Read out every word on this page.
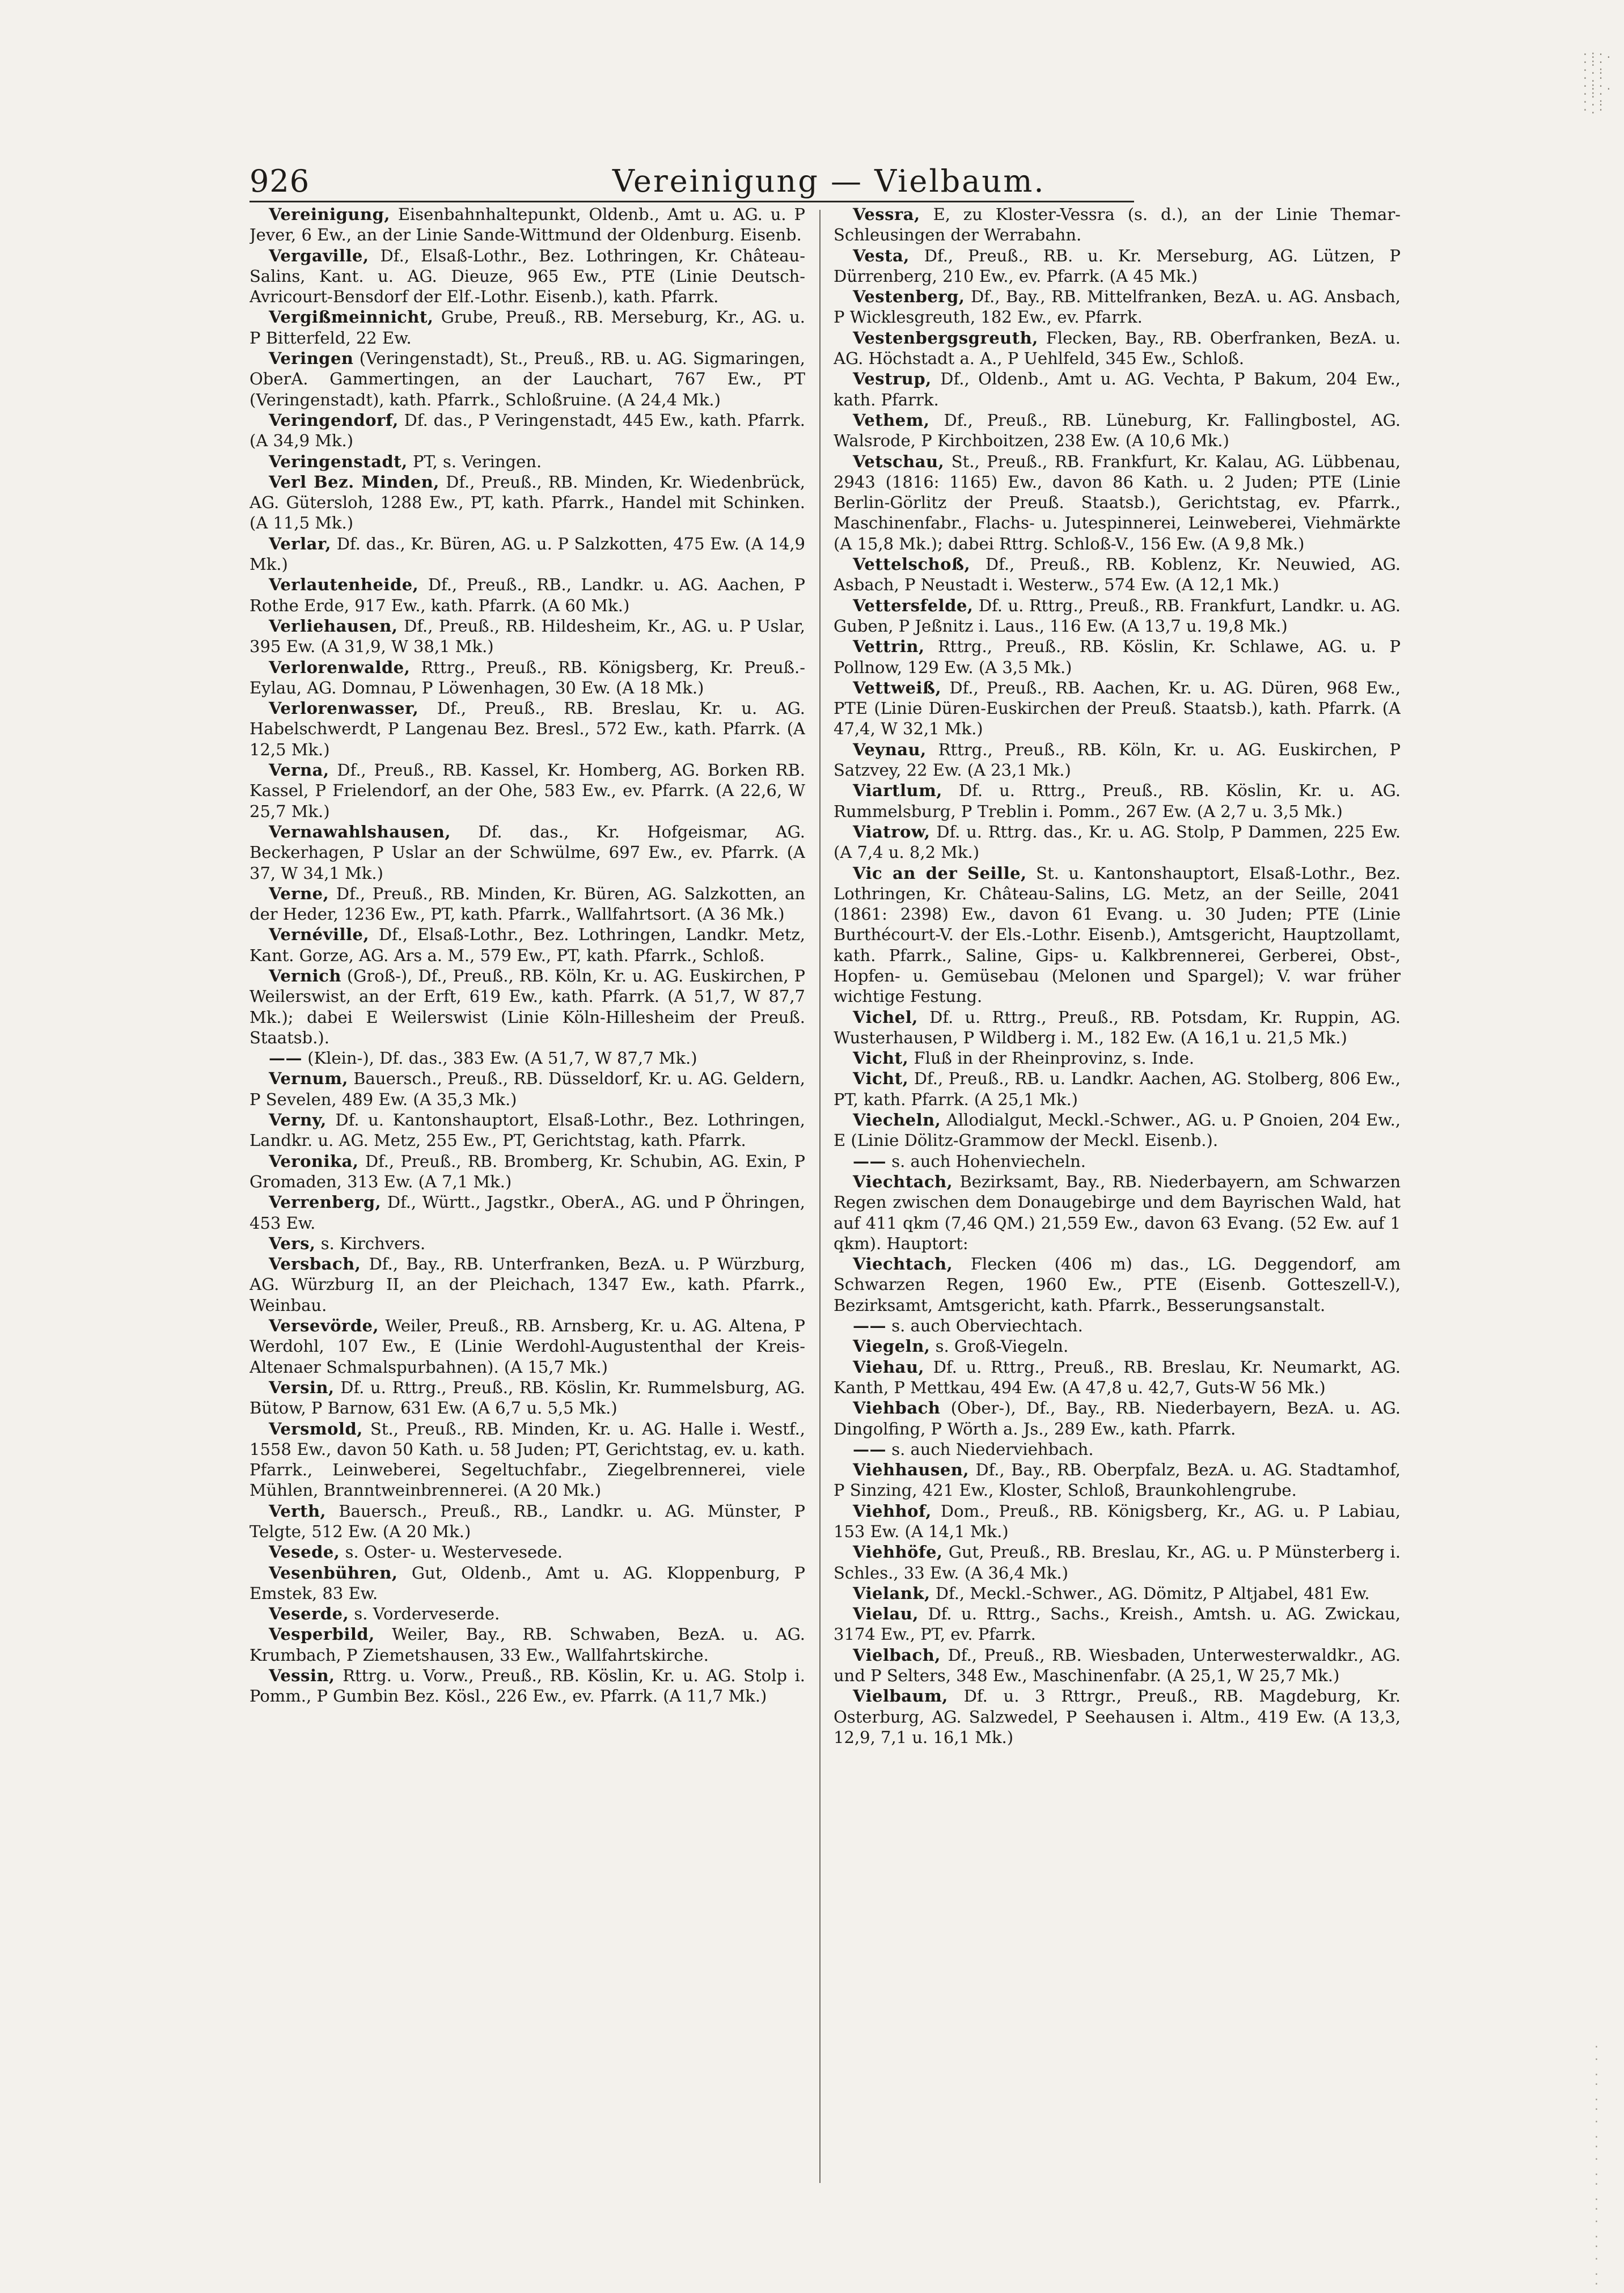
926	Vereinigung — Vielbaum.

Vereinigung, Eisenbahnhaltepunkt, Oldenb., Amt u. AG. u. P Jever, 6 Ew., an der Linie Sande-Wittmund der Oldenburg. Eisenb.

Vergaville, Df., Elsaß-Lothr., Bez. Lothringen, Kr. Château-Salins, Kant. u. AG. Dieuze, 965 Ew., PTE (Linie Deutsch-Avricourt-Bensdorf der Elf.-Lothr. Eisenb.), kath. Pfarrk.

Vergißmeinnicht, Grube, Preuß., RB. Merseburg, Kr., AG. u. P Bitterfeld, 22 Ew.

Veringen (Veringenstadt), St., Preuß., RB. u. AG. Sigmaringen, OberA. Gammertingen, an der Lauchart, 767 Ew., PT (Veringenstadt), kath. Pfarrk., Schloßruine. (A 24,4 Mk.)

Veringendorf, Df. das., P Veringenstadt, 445 Ew., kath. Pfarrk. (A 34,9 Mk.)

Veringenstadt, PT, s. Veringen.

Verl Bez. Minden, Df., Preuß., RB. Minden, Kr. Wiedenbrück, AG. Gütersloh, 1288 Ew., PT, kath. Pfarrk., Handel mit Schinken. (A 11,5 Mk.)

Verlar, Df. das., Kr. Büren, AG. u. P Salzkotten, 475 Ew. (A 14,9 Mk.)

Verlautenheide, Df., Preuß., RB., Landkr. u. AG. Aachen, P Rothe Erde, 917 Ew., kath. Pfarrk. (A 60 Mk.)

Verliehausen, Df., Preuß., RB. Hildesheim, Kr., AG. u. P Uslar, 395 Ew. (A 31,9, W 38,1 Mk.)

Verlorenwalde, Rttrg., Preuß., RB. Königsberg, Kr. Preuß.-Eylau, AG. Domnau, P Löwenhagen, 30 Ew. (A 18 Mk.)

Verlorenwasser, Df., Preuß., RB. Breslau, Kr. u. AG. Habelschwerdt, P Langenau Bez. Bresl., 572 Ew., kath. Pfarrk. (A 12,5 Mk.)

Verna, Df., Preuß., RB. Kassel, Kr. Homberg, AG. Borken RB. Kassel, P Frielendorf, an der Ohe, 583 Ew., ev. Pfarrk. (A 22,6, W 25,7 Mk.)

Vernawahlshausen, Df. das., Kr. Hofgeismar, AG. Beckerhagen, P Uslar an der Schwülme, 697 Ew., ev. Pfarrk. (A 37, W 34,1 Mk.)

Verne, Df., Preuß., RB. Minden, Kr. Büren, AG. Salzkotten, an der Heder, 1236 Ew., PT, kath. Pfarrk., Wallfahrtsort. (A 36 Mk.)

Vernéville, Df., Elsaß-Lothr., Bez. Lothringen, Landkr. Metz, Kant. Gorze, AG. Ars a. M., 579 Ew., PT, kath. Pfarrk., Schloß.

Vernich (Groß-), Df., Preuß., RB. Köln, Kr. u. AG. Euskirchen, P Weilerswist, an der Erft, 619 Ew., kath. Pfarrk. (A 51,7, W 87,7 Mk.); dabei E Weilerswist (Linie Köln-Hillesheim der Preuß. Staatsb.).

—— (Klein-), Df. das., 383 Ew. (A 51,7, W 87,7 Mk.)

Vernum, Bauersch., Preuß., RB. Düsseldorf, Kr. u. AG. Geldern, P Sevelen, 489 Ew. (A 35,3 Mk.)

Verny, Df. u. Kantonshauptort, Elsaß-Lothr., Bez. Lothringen, Landkr. u. AG. Metz, 255 Ew., PT, Gerichtstag, kath. Pfarrk.

Veronika, Df., Preuß., RB. Bromberg, Kr. Schubin, AG. Exin, P Gromaden, 313 Ew. (A 7,1 Mk.)

Verrenberg, Df., Württ., Jagstkr., OberA., AG. und P Öhringen, 453 Ew.

Vers, s. Kirchvers.

Versbach, Df., Bay., RB. Unterfranken, BezA. u. P Würzburg, AG. Würzburg II, an der Pleichach, 1347 Ew., kath. Pfarrk., Weinbau.

Versevörde, Weiler, Preuß., RB. Arnsberg, Kr. u. AG. Altena, P Werdohl, 107 Ew., E (Linie Werdohl-Augustenthal der Kreis-Altenaer Schmalspurbahnen). (A 15,7 Mk.)

Versin, Df. u. Rttrg., Preuß., RB. Köslin, Kr. Rummelsburg, AG. Bütow, P Barnow, 631 Ew. (A 6,7 u. 5,5 Mk.)

Versmold, St., Preuß., RB. Minden, Kr. u. AG. Halle i. Westf., 1558 Ew., davon 50 Kath. u. 58 Juden; PT, Gerichtstag, ev. u. kath. Pfarrk., Leinweberei, Segeltuchfabr., Ziegelbrennerei, viele Mühlen, Branntweinbrennerei. (A 20 Mk.)

Verth, Bauersch., Preuß., RB., Landkr. u. AG. Münster, P Telgte, 512 Ew. (A 20 Mk.)

Vesede, s. Oster- u. Westervesede.

Vesenbühren, Gut, Oldenb., Amt u. AG. Kloppenburg, P Emstek, 83 Ew.

Veserde, s. Vorderveserde.

Vesperbild, Weiler, Bay., RB. Schwaben, BezA. u. AG. Krumbach, P Ziemetshausen, 33 Ew., Wallfahrtskirche.

Vessin, Rttrg. u. Vorw., Preuß., RB. Köslin, Kr. u. AG. Stolp i. Pomm., P Gumbin Bez. Kösl., 226 Ew., ev. Pfarrk. (A 11,7 Mk.)

Vessra, E, zu Kloster-Vessra (s. d.), an der Linie Themar-Schleusingen der Werrabahn.

Vesta, Df., Preuß., RB. u. Kr. Merseburg, AG. Lützen, P Dürrenberg, 210 Ew., ev. Pfarrk. (A 45 Mk.)

Vestenberg, Df., Bay., RB. Mittelfranken, BezA. u. AG. Ansbach, P Wicklesgreuth, 182 Ew., ev. Pfarrk.

Vestenbergsgreuth, Flecken, Bay., RB. Oberfranken, BezA. u. AG. Höchstadt a. A., P Uehlfeld, 345 Ew., Schloß.

Vestrup, Df., Oldenb., Amt u. AG. Vechta, P Bakum, 204 Ew., kath. Pfarrk.

Vethem, Df., Preuß., RB. Lüneburg, Kr. Fallingbostel, AG. Walsrode, P Kirchboitzen, 238 Ew. (A 10,6 Mk.)

Vetschau, St., Preuß., RB. Frankfurt, Kr. Kalau, AG. Lübbenau, 2943 (1816: 1165) Ew., davon 86 Kath. u. 2 Juden; PTE (Linie Berlin-Görlitz der Preuß. Staatsb.), Gerichtstag, ev. Pfarrk., Maschinenfabr., Flachs- u. Jutespinnerei, Leinweberei, Viehmärkte (A 15,8 Mk.); dabei Rttrg. Schloß-V., 156 Ew. (A 9,8 Mk.)

Vettelschoß, Df., Preuß., RB. Koblenz, Kr. Neuwied, AG. Asbach, P Neustadt i. Westerw., 574 Ew. (A 12,1 Mk.)

Vettersfelde, Df. u. Rttrg., Preuß., RB. Frankfurt, Landkr. u. AG. Guben, P Jeßnitz i. Laus., 116 Ew. (A 13,7 u. 19,8 Mk.)

Vettrin, Rttrg., Preuß., RB. Köslin, Kr. Schlawe, AG. u. P Pollnow, 129 Ew. (A 3,5 Mk.)

Vettweiß, Df., Preuß., RB. Aachen, Kr. u. AG. Düren, 968 Ew., PTE (Linie Düren-Euskirchen der Preuß. Staatsb.), kath. Pfarrk. (A 47,4, W 32,1 Mk.)

Veynau, Rttrg., Preuß., RB. Köln, Kr. u. AG. Euskirchen, P Satzvey, 22 Ew. (A 23,1 Mk.)

Viartlum, Df. u. Rttrg., Preuß., RB. Köslin, Kr. u. AG. Rummelsburg, P Treblin i. Pomm., 267 Ew. (A 2,7 u. 3,5 Mk.)

Viatrow, Df. u. Rttrg. das., Kr. u. AG. Stolp, P Dammen, 225 Ew. (A 7,4 u. 8,2 Mk.)

Vic an der Seille, St. u. Kantonshauptort, Elsaß-Lothr., Bez. Lothringen, Kr. Château-Salins, LG. Metz, an der Seille, 2041 (1861: 2398) Ew., davon 61 Evang. u. 30 Juden; PTE (Linie Burthécourt-V. der Els.-Lothr. Eisenb.), Amtsgericht, Hauptzollamt, kath. Pfarrk., Saline, Gips- u. Kalkbrennerei, Gerberei, Obst-, Hopfen- u. Gemüsebau (Melonen und Spargel); V. war früher wichtige Festung.

Vichel, Df. u. Rttrg., Preuß., RB. Potsdam, Kr. Ruppin, AG. Wusterhausen, P Wildberg i. M., 182 Ew. (A 16,1 u. 21,5 Mk.)

Vicht, Fluß in der Rheinprovinz, s. Inde.

Vicht, Df., Preuß., RB. u. Landkr. Aachen, AG. Stolberg, 806 Ew., PT, kath. Pfarrk. (A 25,1 Mk.)

Viecheln, Allodialgut, Meckl.-Schwer., AG. u. P Gnoien, 204 Ew., E (Linie Dölitz-Grammow der Meckl. Eisenb.).

—— s. auch Hohenviecheln.

Viechtach, Bezirksamt, Bay., RB. Niederbayern, am Schwarzen Regen zwischen dem Donaugebirge und dem Bayrischen Wald, hat auf 411 qkm (7,46 QM.) 21,559 Ew., davon 63 Evang. (52 Ew. auf 1 qkm). Hauptort:

Viechtach, Flecken (406 m) das., LG. Deggendorf, am Schwarzen Regen, 1960 Ew., PTE (Eisenb. Gotteszell-V.), Bezirksamt, Amtsgericht, kath. Pfarrk., Besserungsanstalt.

—— s. auch Oberviechtach.

Viegeln, s. Groß-Viegeln.

Viehau, Df. u. Rttrg., Preuß., RB. Breslau, Kr. Neumarkt, AG. Kanth, P Mettkau, 494 Ew. (A 47,8 u. 42,7, Guts-W 56 Mk.)

Viehbach (Ober-), Df., Bay., RB. Niederbayern, BezA. u. AG. Dingolfing, P Wörth a. Js., 289 Ew., kath. Pfarrk.

—— s. auch Niederviehbach.

Viehhausen, Df., Bay., RB. Oberpfalz, BezA. u. AG. Stadtamhof, P Sinzing, 421 Ew., Kloster, Schloß, Braunkohlengrube.

Viehhof, Dom., Preuß., RB. Königsberg, Kr., AG. u. P Labiau, 153 Ew. (A 14,1 Mk.)

Viehhöfe, Gut, Preuß., RB. Breslau, Kr., AG. u. P Münsterberg i. Schles., 33 Ew. (A 36,4 Mk.)

Vielank, Df., Meckl.-Schwer., AG. Dömitz, P Altjabel, 481 Ew.

Vielau, Df. u. Rttrg., Sachs., Kreish., Amtsh. u. AG. Zwickau, 3174 Ew., PT, ev. Pfarrk.

Vielbach, Df., Preuß., RB. Wiesbaden, Unterwesterwaldkr., AG. und P Selters, 348 Ew., Maschinenfabr. (A 25,1, W 25,7 Mk.)

Vielbaum, Df. u. 3 Rttrgr., Preuß., RB. Magdeburg, Kr. Osterburg, AG. Salzwedel, P Seehausen i. Altm., 419 Ew. (A 13,3, 12,9, 7,1 u. 16,1 Mk.)

·:·.·:··.:·.··:·.·:··.:·.·
· · . · . · · . · · . · . · · . · · . ·
